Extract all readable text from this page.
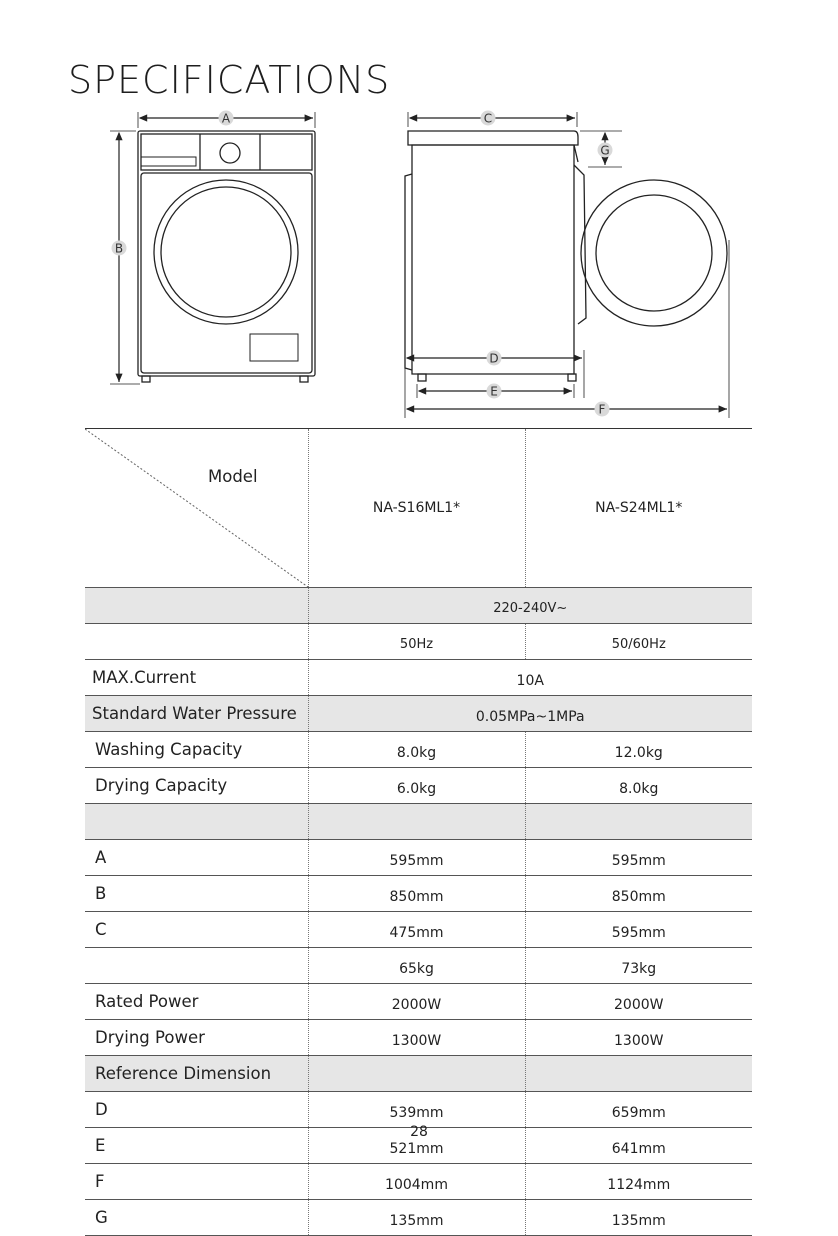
SPECIFICATIONS
A
B
C
G
D
E
F
Model	NA-S16ML1*	NA-S24ML1*
	220-240V~	
	50Hz	50/60Hz
MAX.Current	10A	
Standard Water Pressure	0.05MPa~1MPa	
Washing Capacity	8.0kg	12.0kg
Drying Capacity	6.0kg	8.0kg

A	595mm	595mm
B	850mm	850mm
C	475mm	595mm
	65kg	73kg
Rated Power	2000W	2000W
Drying Power	1300W	1300W
Reference Dimension		
D	539mm	659mm
E	521mm	641mm
F	1004mm	1124mm
G	135mm	135mm
28
